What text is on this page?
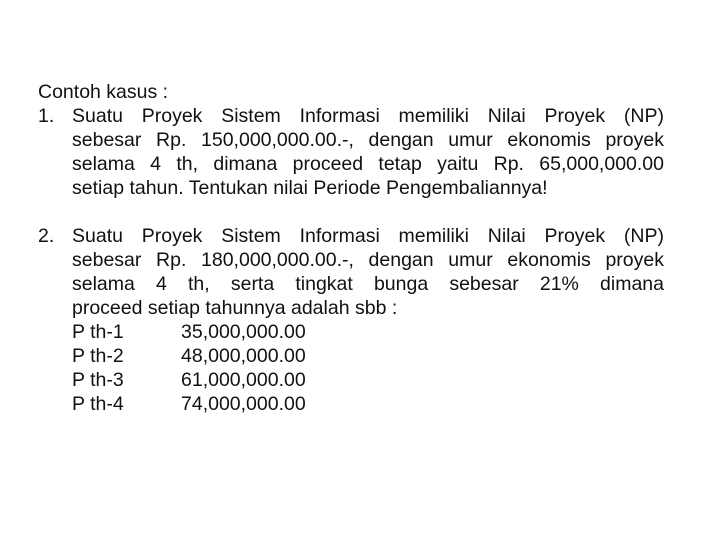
Contoh kasus :

1. Suatu Proyek Sistem Informasi memiliki Nilai Proyek (NP)
sebesar Rp. 150,000,000.00.-, dengan umur ekonomis proyek
selama 4 th, dimana proceed tetap yaitu Rp. 65,000,000.00
setiap tahun. Tentukan nilai Periode Pengembaliannya!
2. Suatu Proyek Sistem Informasi memiliki Nilai Proyek (NP)
sebesar Rp. 180,000,000.00.-, dengan umur ekonomis proyek
selama 4 th, serta tingkat bunga sebesar 21% dimana
proceed setiap tahunnya adalah sbb :
P th-1	35,000,000.00
P th-2	48,000,000.00
P th-3	61,000,000.00
P th-4	74,000,000.00
